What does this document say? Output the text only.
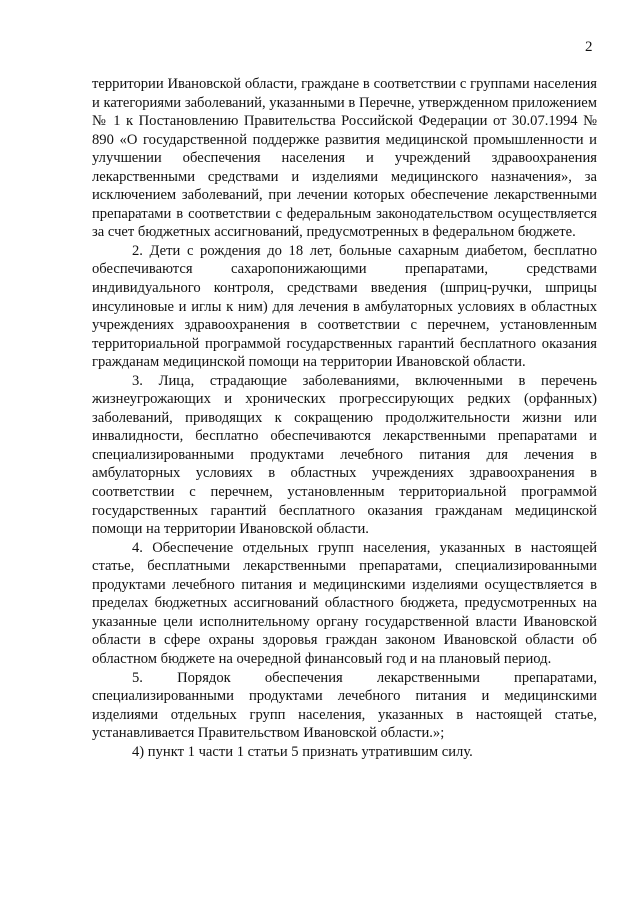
2

территории Ивановской области, граждане в соответствии с группами населения и категориями заболеваний, указанными в Перечне, утвержденном приложением № 1 к Постановлению Правительства Российской Федерации от 30.07.1994 № 890 «О государственной поддержке развития медицинской промышленности и улучшении обеспечения населения и учреждений здравоохранения лекарственными средствами и изделиями медицинского назначения», за исключением заболеваний, при лечении которых обеспечение лекарственными препаратами в соответствии с федеральным законодательством осуществляется за счет бюджетных ассигнований, предусмотренных в федеральном бюджете.

2. Дети с рождения до 18 лет, больные сахарным диабетом, бесплатно обеспечиваются сахаропонижающими препаратами, средствами индивидуального контроля, средствами введения (шприц-ручки, шприцы инсулиновые и иглы к ним) для лечения в амбулаторных условиях в областных учреждениях здравоохранения в соответствии с перечнем, установленным территориальной программой государственных гарантий бесплатного оказания гражданам медицинской помощи на территории Ивановской области.

3. Лица, страдающие заболеваниями, включенными в перечень жизнеугрожающих и хронических прогрессирующих редких (орфанных) заболеваний, приводящих к сокращению продолжительности жизни или инвалидности, бесплатно обеспечиваются лекарственными препаратами и специализированными продуктами лечебного питания для лечения в амбулаторных условиях в областных учреждениях здравоохранения в соответствии с перечнем, установленным территориальной программой государственных гарантий бесплатного оказания гражданам медицинской помощи на территории Ивановской области.

4. Обеспечение отдельных групп населения, указанных в настоящей статье, бесплатными лекарственными препаратами, специализированными продуктами лечебного питания и медицинскими изделиями осуществляется в пределах бюджетных ассигнований областного бюджета, предусмотренных на указанные цели исполнительному органу государственной власти Ивановской области в сфере охраны здоровья граждан законом Ивановской области об областном бюджете на очередной финансовый год и на плановый период.

5. Порядок обеспечения лекарственными препаратами, специализированными продуктами лечебного питания и медицинскими изделиями отдельных групп населения, указанных в настоящей статье, устанавливается Правительством Ивановской области.»;

4) пункт 1 части 1 статьи 5 признать утратившим силу.
